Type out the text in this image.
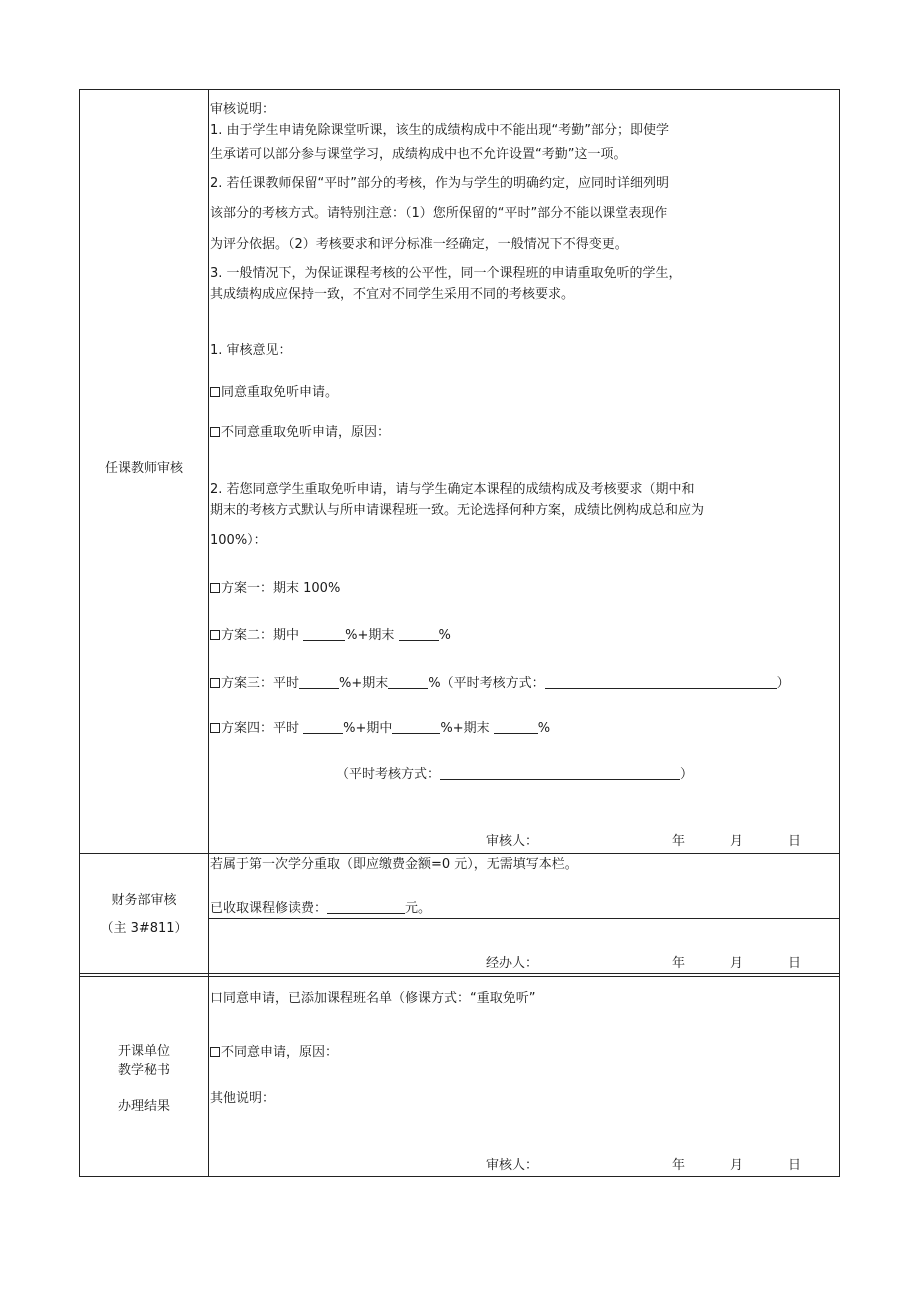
任课教师审核
审核说明：
1. 由于学生申请免除课堂听课，该生的成绩构成中不能出现“考勤”部分；即使学
生承诺可以部分参与课堂学习，成绩构成中也不允许设置“考勤”这一项。
2. 若任课教师保留“平时”部分的考核，作为与学生的明确约定，应同时详细列明
该部分的考核方式。请特别注意：（1）您所保留的“平时”部分不能以课堂表现作
为评分依据。（2）考核要求和评分标准一经确定，一般情况下不得变更。
3. 一般情况下，为保证课程考核的公平性，同一个课程班的申请重取免听的学生，
其成绩构成应保持一致，不宜对不同学生采用不同的考核要求。
1. 审核意见：
同意重取免听申请。
不同意重取免听申请，原因：
2. 若您同意学生重取免听申请，请与学生确定本课程的成绩构成及考核要求（期中和
期末的考核方式默认与所申请课程班一致。无论选择何种方案，成绩比例构成总和应为
100%）：
方案一：期末 100%
方案二：期中	%+期末	%
方案三：平时	%+期末	%（平时考核方式：	）
方案四：平时	%+期中	%+期末	%
（平时考核方式：	）
审核人：	年	月	日
财务部审核
（主 3#811）
若属于第一次学分重取（即应缴费金额=0 元），无需填写本栏。
已收取课程修读费：	元。
经办人：	年	月	日
开课单位
教学秘书
办理结果
口同意申请，已添加课程班名单（修课方式：“重取免听”
不同意申请，原因：
其他说明：
审核人：	年	月	日
